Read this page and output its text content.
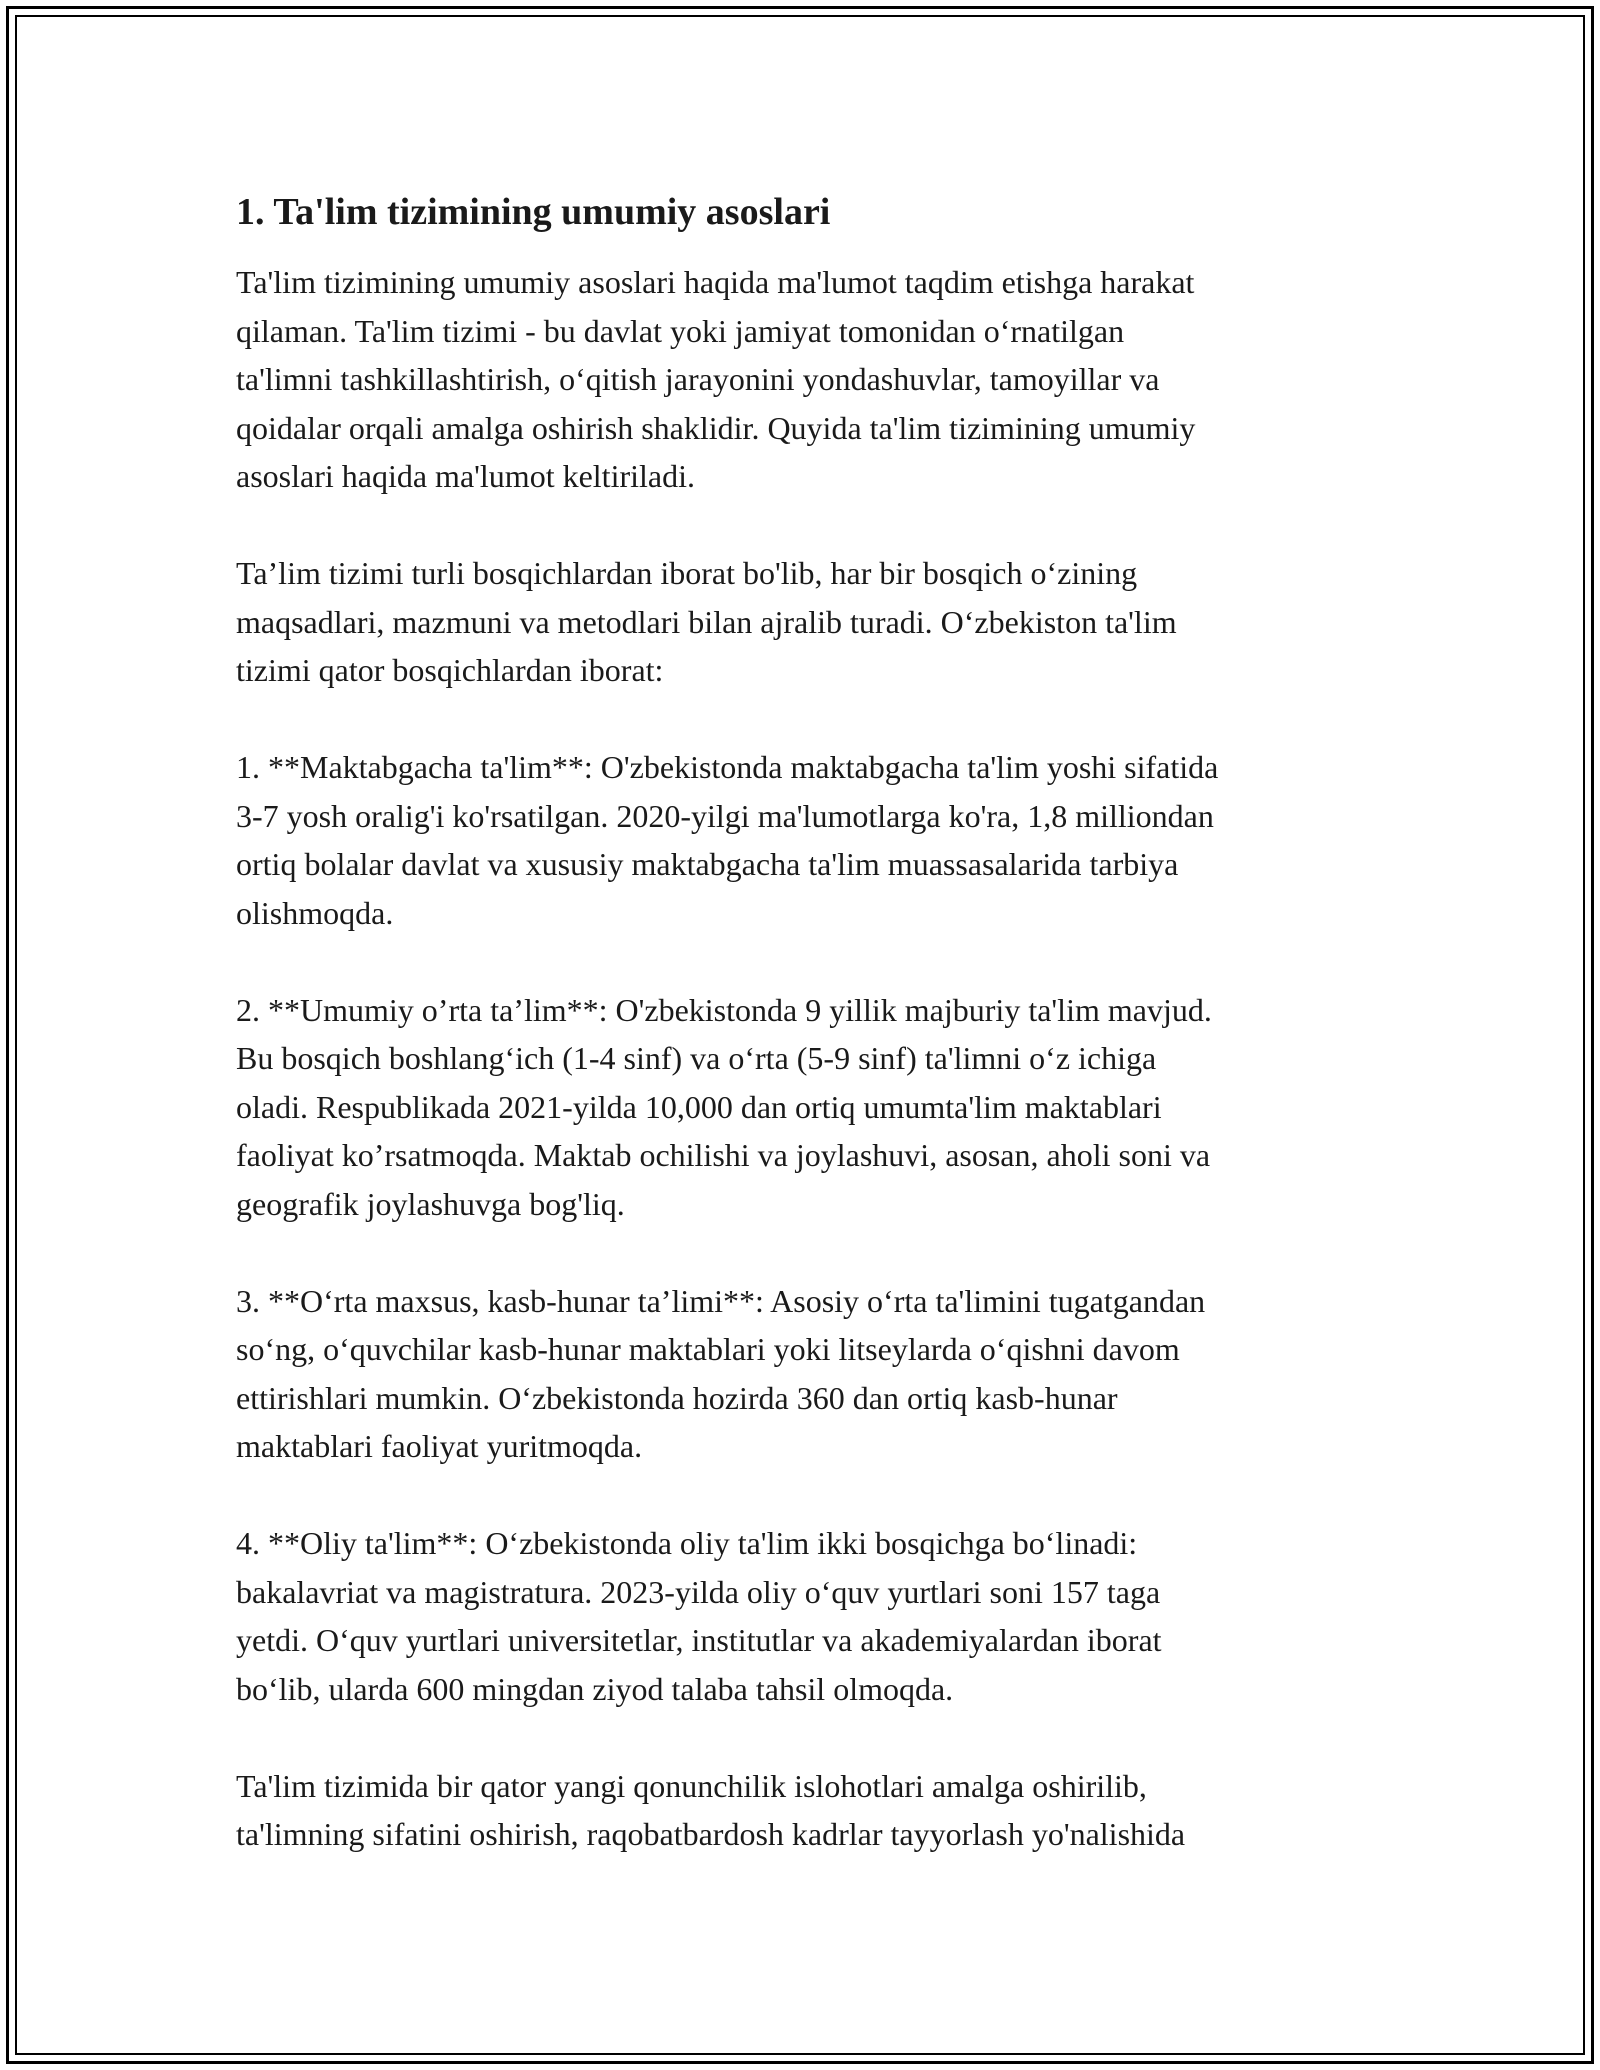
1. Ta'lim tizimining umumiy asoslari

Ta'lim tizimining umumiy asoslari haqida ma'lumot taqdim etishga harakat
qilaman. Ta'lim tizimi - bu davlat yoki jamiyat tomonidan o‘rnatilgan
ta'limni tashkillashtirish, o‘qitish jarayonini yondashuvlar, tamoyillar va
qoidalar orqali amalga oshirish shaklidir. Quyida ta'lim tizimining umumiy
asoslari haqida ma'lumot keltiriladi.

Ta’lim tizimi turli bosqichlardan iborat bo'lib, har bir bosqich o‘zining
maqsadlari, mazmuni va metodlari bilan ajralib turadi. O‘zbekiston ta'lim
tizimi qator bosqichlardan iborat:

1. **Maktabgacha ta'lim**: O'zbekistonda maktabgacha ta'lim yoshi sifatida
3-7 yosh oralig'i ko'rsatilgan. 2020-yilgi ma'lumotlarga ko'ra, 1,8 milliondan
ortiq bolalar davlat va xususiy maktabgacha ta'lim muassasalarida tarbiya
olishmoqda.

2. **Umumiy o’rta ta’lim**: O'zbekistonda 9 yillik majburiy ta'lim mavjud.
Bu bosqich boshlang‘ich (1-4 sinf) va o‘rta (5-9 sinf) ta'limni o‘z ichiga
oladi. Respublikada 2021-yilda 10,000 dan ortiq umumta'lim maktablari
faoliyat ko’rsatmoqda. Maktab ochilishi va joylashuvi, asosan, aholi soni va
geografik joylashuvga bog'liq.

3. **O‘rta maxsus, kasb-hunar ta’limi**: Asosiy o‘rta ta'limini tugatgandan
so‘ng, o‘quvchilar kasb-hunar maktablari yoki litseylarda o‘qishni davom
ettirishlari mumkin. O‘zbekistonda hozirda 360 dan ortiq kasb-hunar
maktablari faoliyat yuritmoqda.

4. **Oliy ta'lim**: O‘zbekistonda oliy ta'lim ikki bosqichga bo‘linadi:
bakalavriat va magistratura. 2023-yilda oliy o‘quv yurtlari soni 157 taga
yetdi. O‘quv yurtlari universitetlar, institutlar va akademiyalardan iborat
bo‘lib, ularda 600 mingdan ziyod talaba tahsil olmoqda.

Ta'lim tizimida bir qator yangi qonunchilik islohotlari amalga oshirilib,
ta'limning sifatini oshirish, raqobatbardosh kadrlar tayyorlash yo'nalishida
